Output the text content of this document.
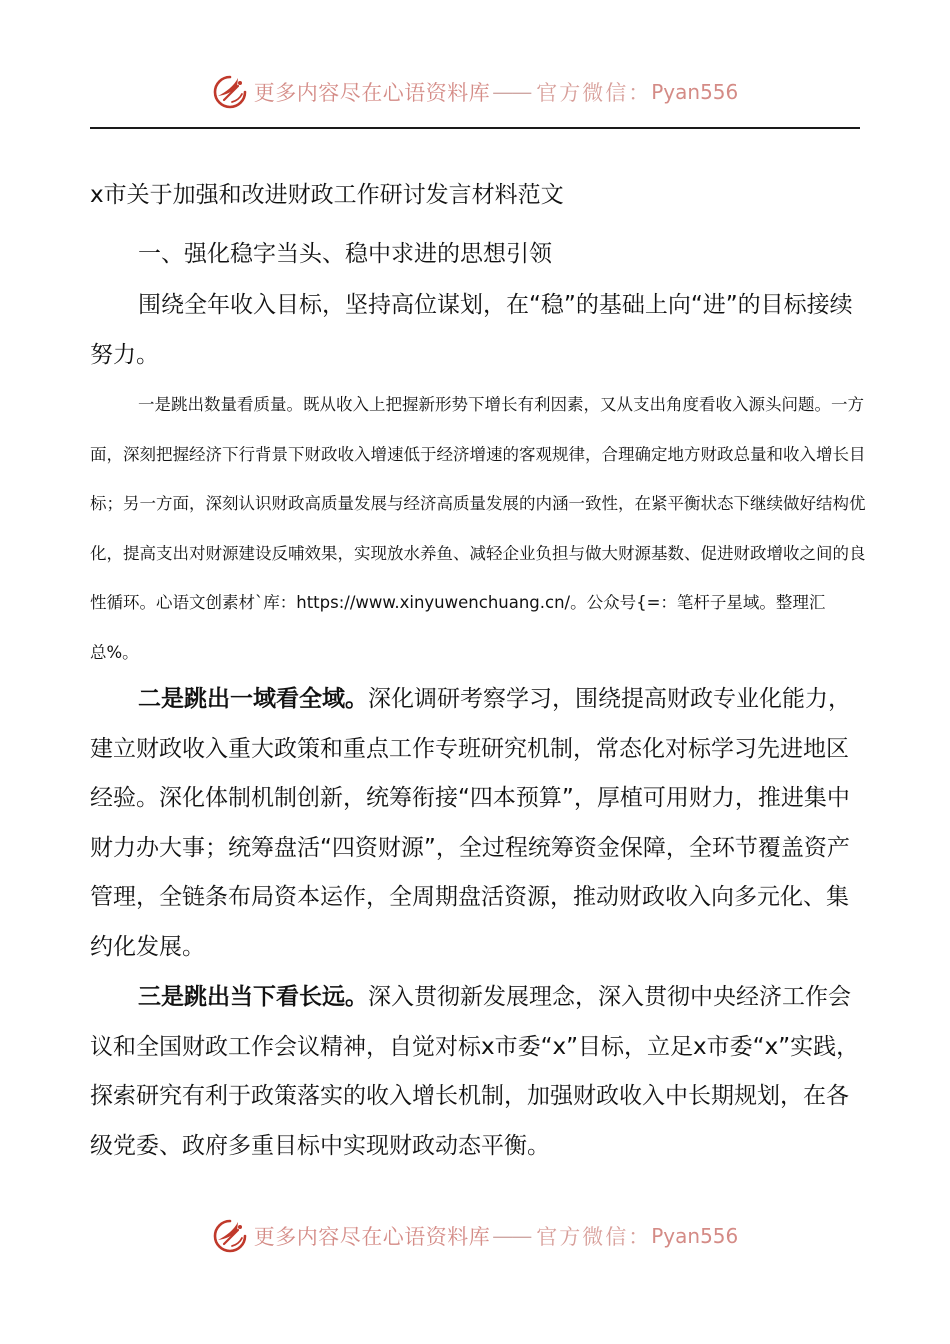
更多内容尽在心语资料库 —— 官方微信： Pyan556
x市关于加强和改进财政工作研讨发言材料范文
一、强化稳字当头、稳中求进的思想引领

围绕全年收入目标，坚持高位谋划，在“稳”的基础上向“进”的目标接续努力。

一是跳出数量看质量。既从收入上把握新形势下增长有利因素，又从支出角度看收入源头问题。一方面，深刻把握经济下行背景下财政收入增速低于经济增速的客观规律，合理确定地方财政总量和收入增长目标；另一方面，深刻认识财政高质量发展与经济高质量发展的内涵一致性，在紧平衡状态下继续做好结构优化，提高支出对财源建设反哺效果，实现放水养鱼、减轻企业负担与做大财源基数、促进财政增收之间的良性循环。心语文创素材`库：https://www.xinyuwenchuang.cn/。公众号{=：笔杆子星域。整理汇总%。

二是跳出一域看全域。深化调研考察学习，围绕提高财政专业化能力，建立财政收入重大政策和重点工作专班研究机制，常态化对标学习先进地区经验。深化体制机制创新，统筹衔接“四本预算”，厚植可用财力，推进集中财力办大事；统筹盘活“四资财源”，全过程统筹资金保障，全环节覆盖资产管理，全链条布局资本运作，全周期盘活资源，推动财政收入向多元化、集约化发展。

三是跳出当下看长远。深入贯彻新发展理念，深入贯彻中央经济工作会议和全国财政工作会议精神，自觉对标x市委“x”目标，立足x市委“x”实践，探索研究有利于政策落实的收入增长机制，加强财政收入中长期规划，在各级党委、政府多重目标中实现财政动态平衡。

更多内容尽在心语资料库 —— 官方微信： Pyan556
